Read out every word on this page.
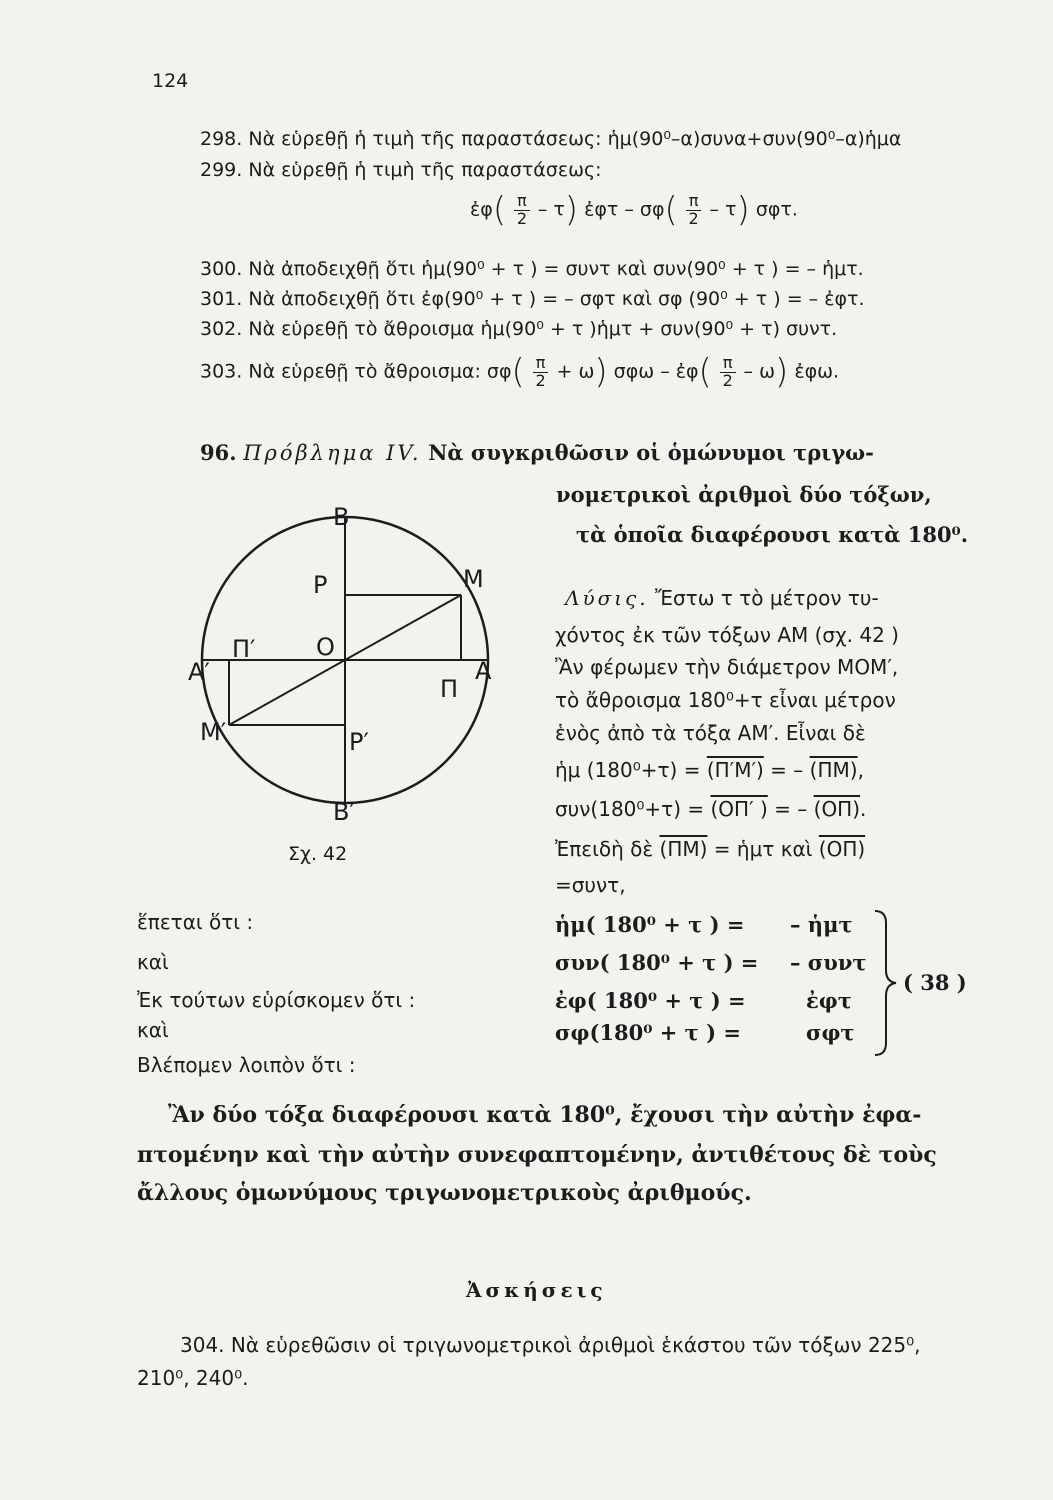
124
298. Νὰ εὑρεθῇ ἡ τιμὴ τῆς παραστάσεως: ἡμ(90⁰–α)συνα+συν(90⁰–α)ἡμα
299. Νὰ εὑρεθῇ ἡ τιμὴ τῆς παραστάσεως:
ἐφ( $\frac{\pi}{2} - \tau$) ἐφτ – $\sigma\varphi( \frac{\pi}{2} - \tau)$ σφτ.
300. Νὰ ἀποδειχθῇ ὅτι ἡμ(90⁰ + τ ) = συντ καὶ συν(90⁰ + τ ) = – ἡμτ.
301. Νὰ ἀποδειχθῇ ὅτι ἐφ(90⁰ + τ ) = – σφτ καὶ σφ (90⁰ + τ ) = – ἐφτ.
302. Νὰ εὑρεθῇ τὸ ἄθροισμα ἡμ(90⁰ + τ )ἡμτ + συν(90⁰ + τ) συντ.
303. Νὰ εὑρεθῇ τὸ ἄθροισμα: $\sigma\varphi( \frac{\pi}{2} + \omega)$ σφω – ἐφ( $\frac{\pi}{2} - \omega$) ἐφω.
96. Πρόβλημα IV. Νὰ συγκριθῶσιν οἱ ὁμώνυμοι τριγω-
νομετρικοὶ ἀριθμοὶ δύο τόξων,
τὰ ὁποῖα διαφέρουσι κατὰ 180⁰.
Β
Ρ	Μ
Ο
Α
Π
Π′
Α′
Μ′	Ρ′
Β′
Σχ. 42
Λύσις. Ἔστω τ τὸ μέτρον τυ-
χόντος ἐκ τῶν τόξων ΑΜ (σχ. 42 )
Ἂν φέρωμεν τὴν διάμετρον ΜΟΜ′,
τὸ ἄθροισμα 180⁰+τ εἶναι μέτρον
ἑνὸς ἀπὸ τὰ τόξα ΑΜ′. Εἶναι δὲ
ἡμ (180⁰+τ) = (Π′Μ′) = – (ΠΜ),
συν(180⁰+τ) = (ΟΠ′ ) = – (ΟΠ).
Ἐπειδὴ δὲ (ΠΜ) = ἡμτ καὶ (ΟΠ)
=συντ,
ἕπεται ὅτι :
καὶ
Ἐκ τούτων εὑρίσκομεν ὅτι :
καὶ
Βλέπομεν λοιπὸν ὅτι :
ἡμ( 180⁰ + τ ) = – ἡμτ
συν( 180⁰ + τ ) = – συντ
ἐφ( 180⁰ + τ ) =	ἐφτ
σφ(180⁰ + τ ) =	σφτ
( 38 )
Ἂν δύο τόξα διαφέρουσι κατὰ 180⁰, ἔχουσι τὴν αὐτὴν ἐφα-
πτομένην καὶ τὴν αὐτὴν συνεφαπτομένην, ἀντιθέτους δὲ τοὺς
ἄλλους ὁμωνύμους τριγωνομετρικοὺς ἀριθμούς.
Ἀσκήσεις
304. Νὰ εὑρεθῶσιν οἱ τριγωνομετρικοὶ ἀριθμοὶ ἑκάστου τῶν τόξων 225⁰,
210⁰, 240⁰.
